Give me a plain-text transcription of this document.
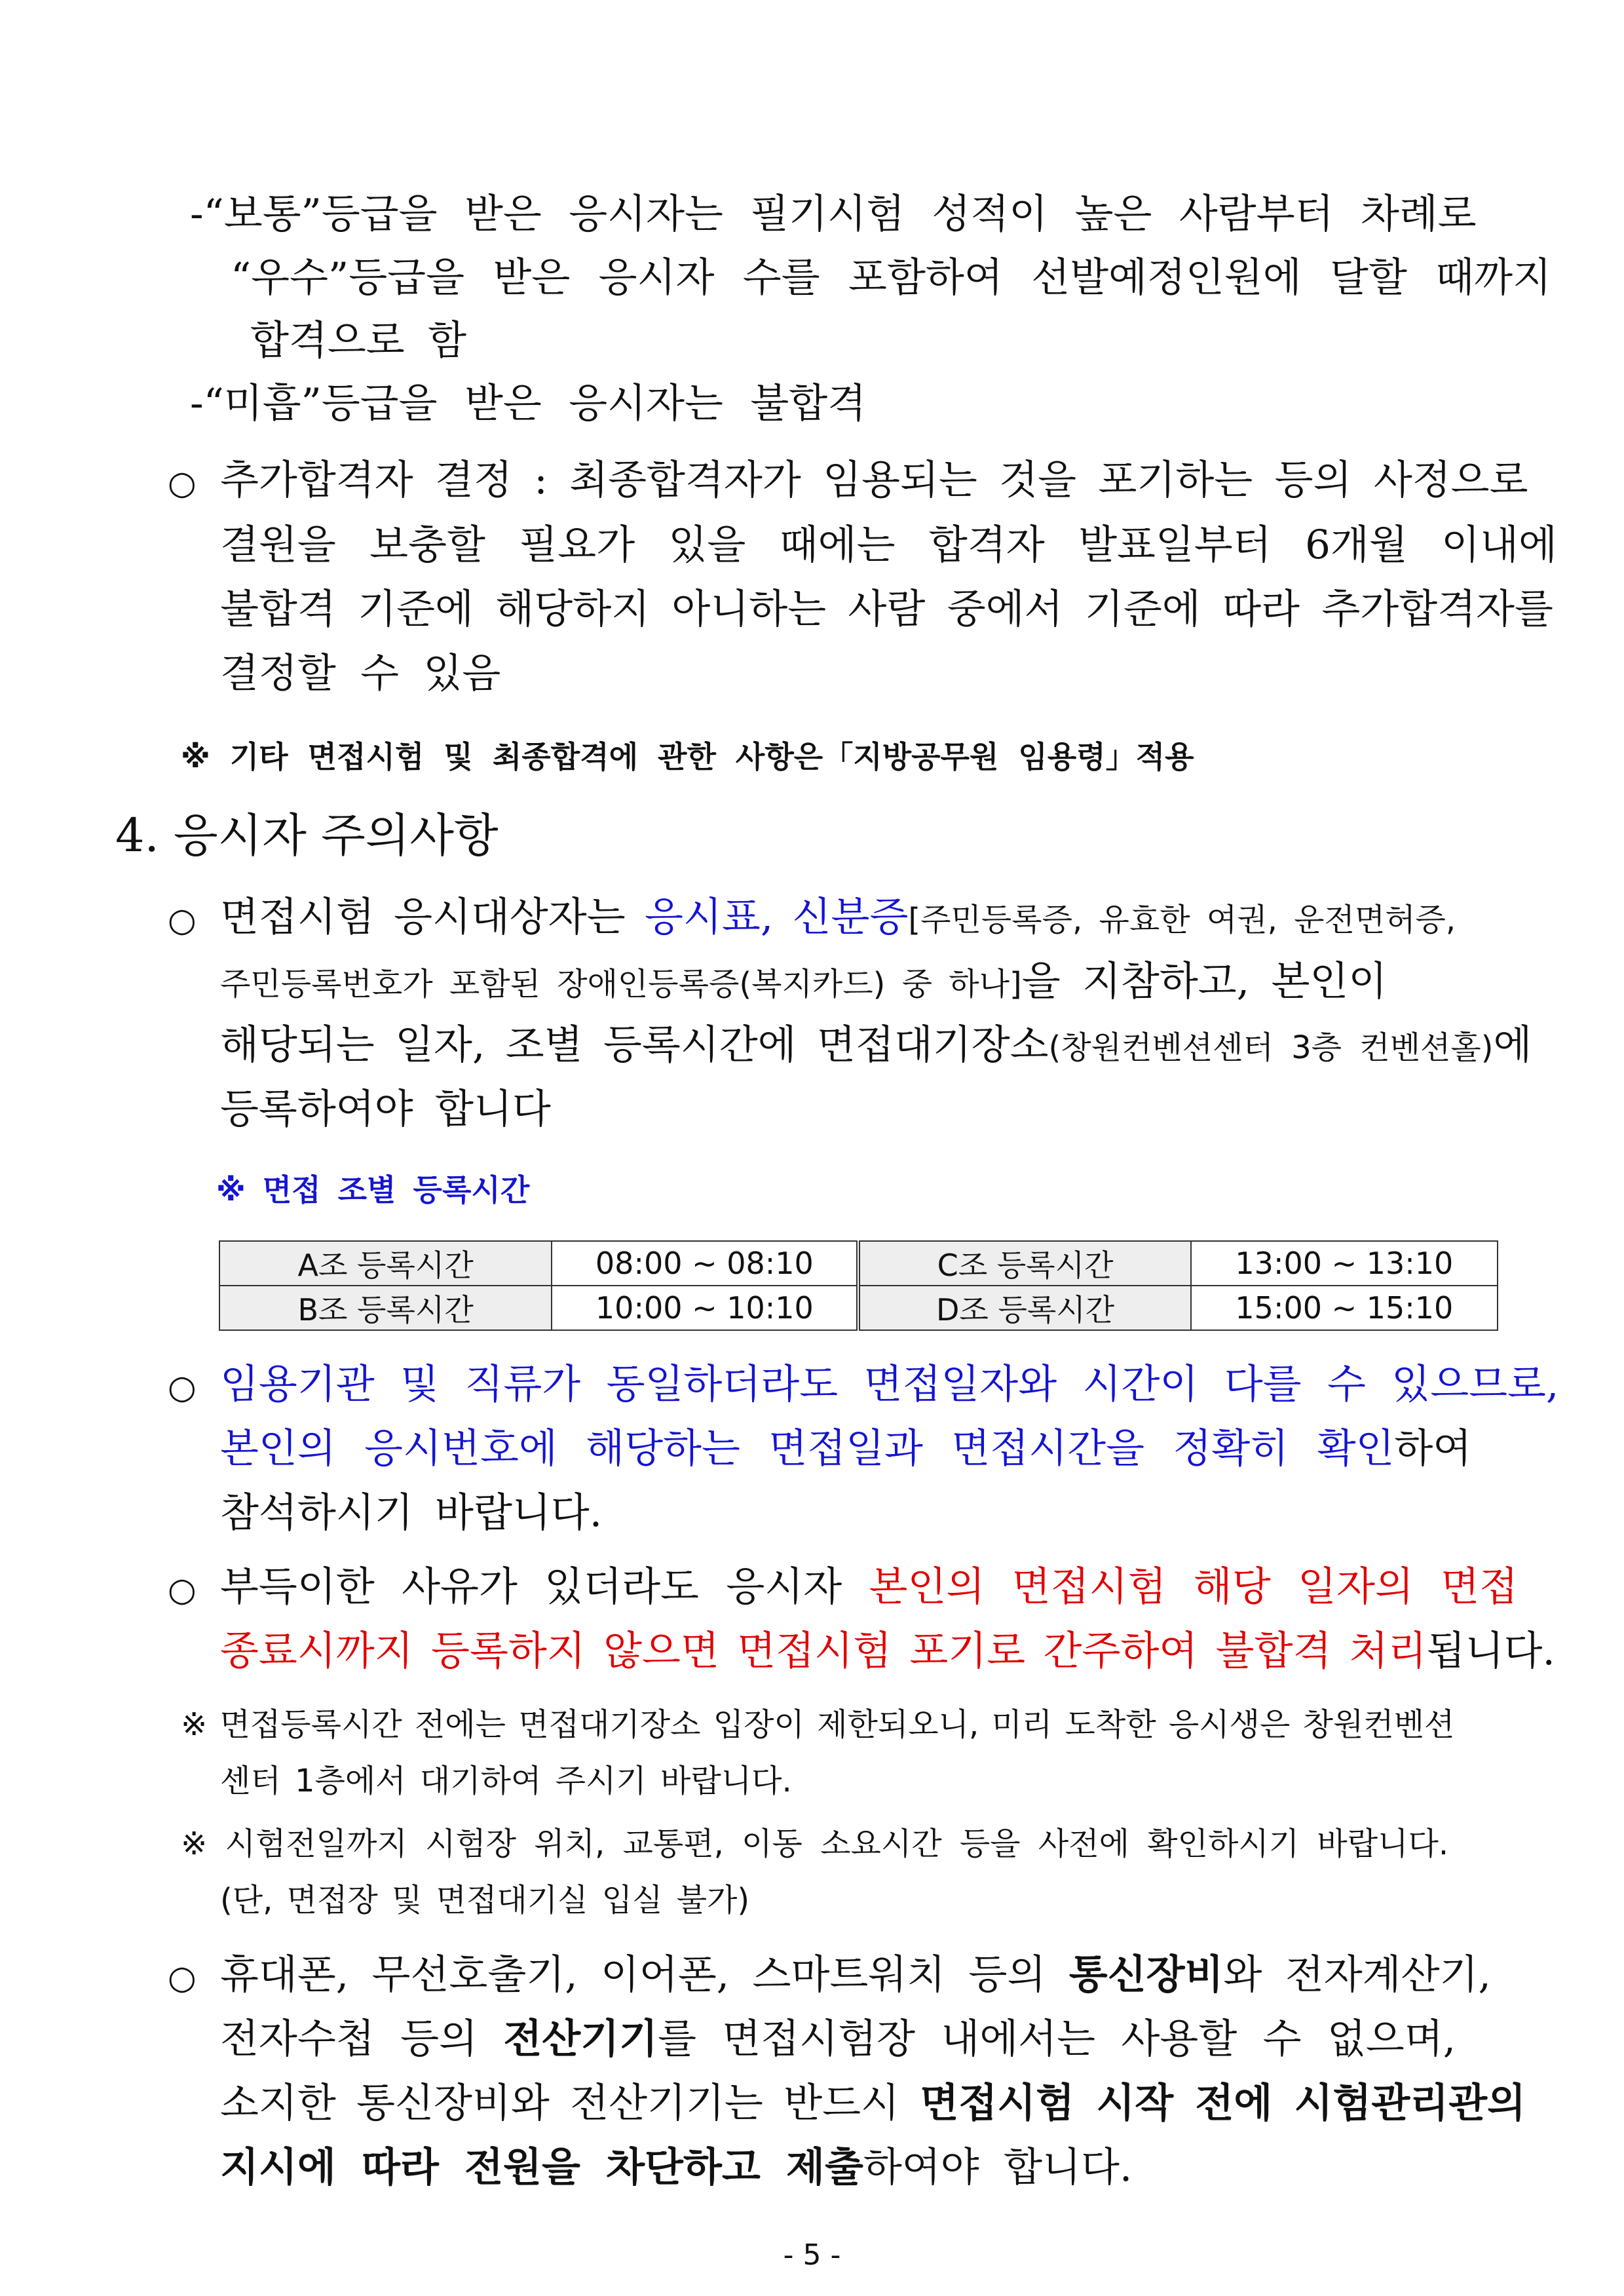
-“보통”등급을 받은 응시자는 필기시험 성적이 높은 사람부터 차례로
“우수”등급을 받은 응시자 수를 포함하여 선발예정인원에 달할 때까지
합격으로 함
-“미흡”등급을 받은 응시자는 불합격
○ 추가합격자 결정 : 최종합격자가 임용되는 것을 포기하는 등의 사정으로
결원을 보충할 필요가 있을 때에는 합격자 발표일부터 6개월 이내에
불합격 기준에 해당하지 아니하는 사람 중에서 기준에 따라 추가합격자를
결정할 수 있음
※ 기타 면접시험 및 최종합격에 관한 사항은「지방공무원 임용령」적용
4. 응시자 주의사항
○ 면접시험 응시대상자는 응시표, 신분증[주민등록증, 유효한 여권, 운전면허증,
주민등록번호가 포함된 장애인등록증(복지카드) 중 하나]을 지참하고, 본인이
해당되는 일자, 조별 등록시간에 면접대기장소(창원컨벤션센터 3층 컨벤션홀)에
등록하여야 합니다
※ 면접 조별 등록시간
A조 등록시간	08:00 ~ 08:10	C조 등록시간	13:00 ~ 13:10
B조 등록시간	10:00 ~ 10:10	D조 등록시간	15:00 ~ 15:10
○ 임용기관 및 직류가 동일하더라도 면접일자와 시간이 다를 수 있으므로,
본인의 응시번호에 해당하는 면접일과 면접시간을 정확히 확인하여
참석하시기 바랍니다.
○ 부득이한 사유가 있더라도 응시자 본인의 면접시험 해당 일자의 면접
종료시까지 등록하지 않으면 면접시험 포기로 간주하여 불합격 처리됩니다.
※ 면접등록시간 전에는 면접대기장소 입장이 제한되오니, 미리 도착한 응시생은 창원컨벤션
센터 1층에서 대기하여 주시기 바랍니다.
※ 시험전일까지 시험장 위치, 교통편, 이동 소요시간 등을 사전에 확인하시기 바랍니다.
(단, 면접장 및 면접대기실 입실 불가)
○ 휴대폰, 무선호출기, 이어폰, 스마트워치 등의 통신장비와 전자계산기,
전자수첩 등의 전산기기를 면접시험장 내에서는 사용할 수 없으며,
소지한 통신장비와 전산기기는 반드시 면접시험 시작 전에 시험관리관의
지시에 따라 전원을 차단하고 제출하여야 합니다.
- 5 -
